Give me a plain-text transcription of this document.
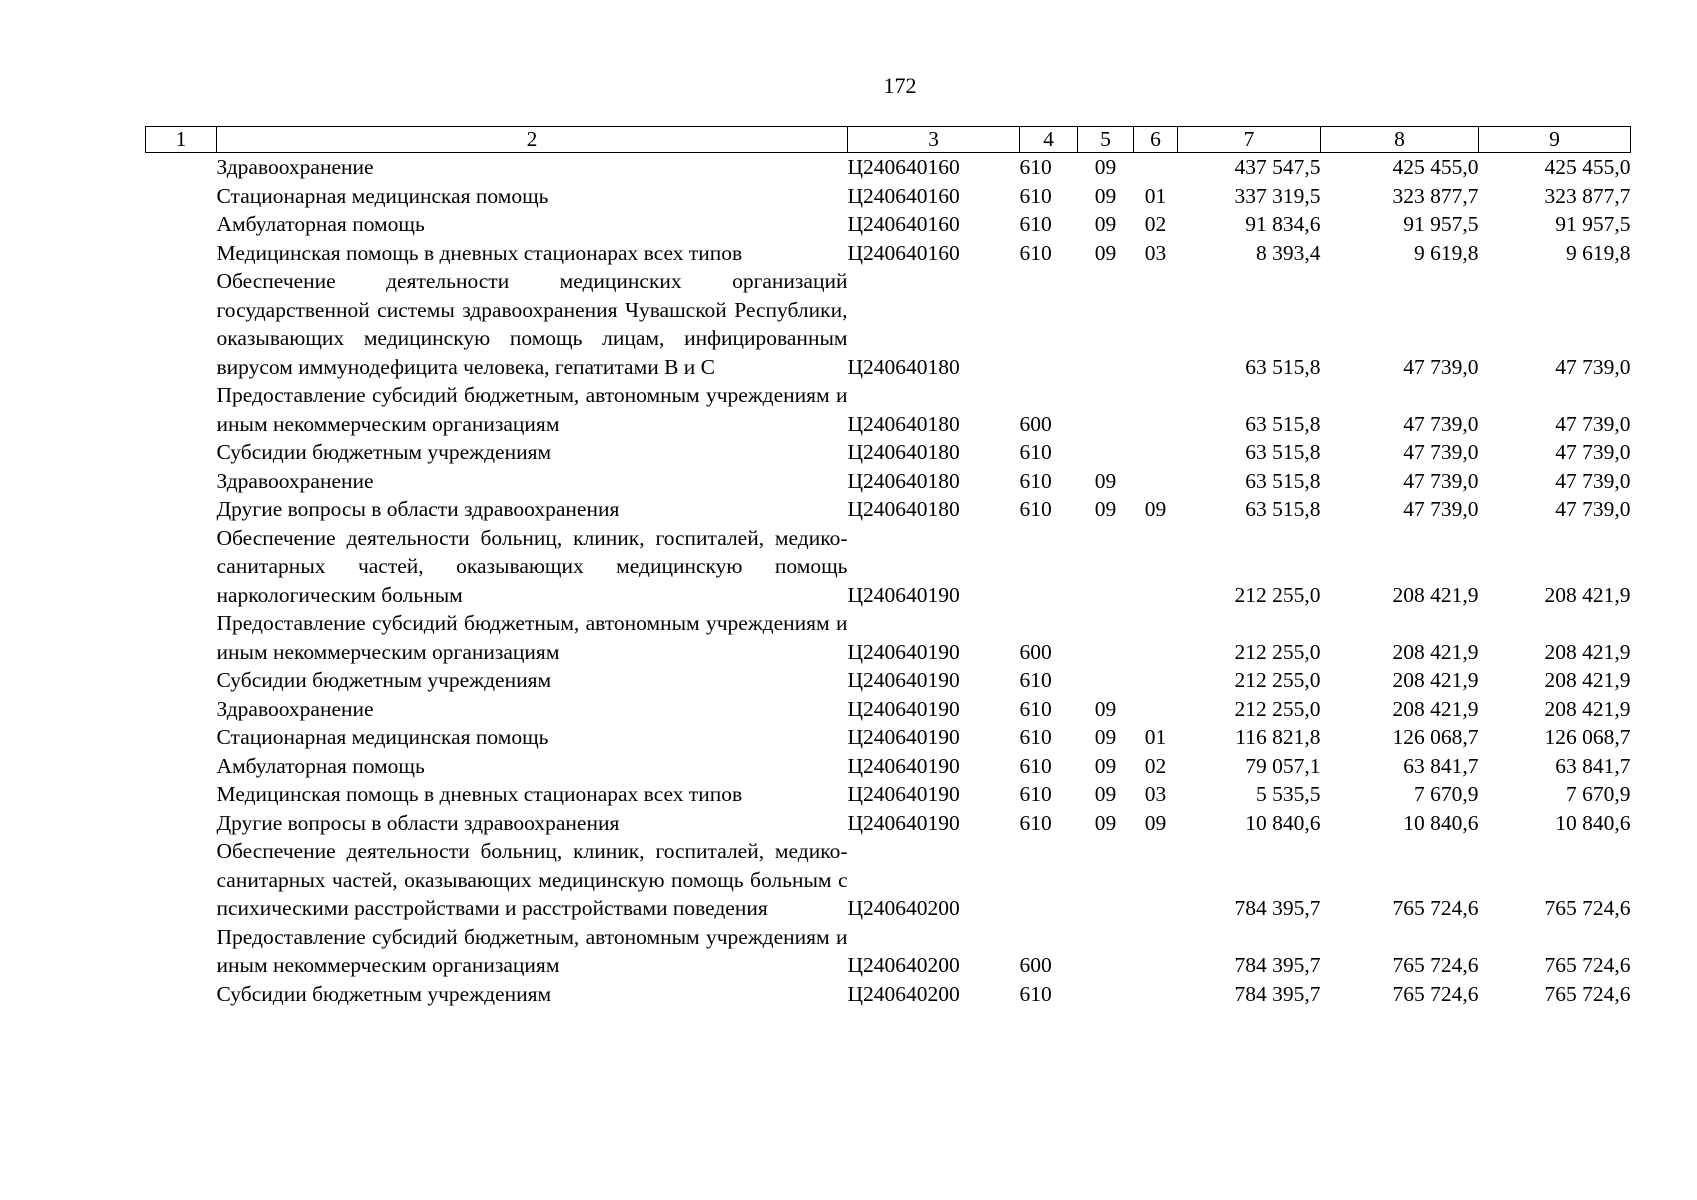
172
1	2	3	4	5	6	7	8	9
	Здравоохранение	Ц240640160	610	09		437 547,5	425 455,0	425 455,0
	Стационарная медицинская помощь	Ц240640160	610	09	01	337 319,5	323 877,7	323 877,7
	Амбулаторная помощь	Ц240640160	610	09	02	91 834,6	91 957,5	91 957,5
	Медицинская помощь в дневных стационарах всех типов	Ц240640160	610	09	03	8 393,4	9 619,8	9 619,8
	Обеспечение деятельности медицинских организаций государственной системы здравоохранения Чувашской Республики, оказывающих медицинскую помощь лицам, инфицированным вирусом иммунодефицита человека, гепатитами В и С	Ц240640180				63 515,8	47 739,0	47 739,0
	Предоставление субсидий бюджетным, автономным учреждениям и иным некоммерческим организациям	Ц240640180	600			63 515,8	47 739,0	47 739,0
	Субсидии бюджетным учреждениям	Ц240640180	610			63 515,8	47 739,0	47 739,0
	Здравоохранение	Ц240640180	610	09		63 515,8	47 739,0	47 739,0
	Другие вопросы в области здравоохранения	Ц240640180	610	09	09	63 515,8	47 739,0	47 739,0
	Обеспечение деятельности больниц, клиник, госпиталей, медико-санитарных частей, оказывающих медицинскую помощь наркологическим больным	Ц240640190				212 255,0	208 421,9	208 421,9
	Предоставление субсидий бюджетным, автономным учреждениям и иным некоммерческим организациям	Ц240640190	600			212 255,0	208 421,9	208 421,9
	Субсидии бюджетным учреждениям	Ц240640190	610			212 255,0	208 421,9	208 421,9
	Здравоохранение	Ц240640190	610	09		212 255,0	208 421,9	208 421,9
	Стационарная медицинская помощь	Ц240640190	610	09	01	116 821,8	126 068,7	126 068,7
	Амбулаторная помощь	Ц240640190	610	09	02	79 057,1	63 841,7	63 841,7
	Медицинская помощь в дневных стационарах всех типов	Ц240640190	610	09	03	5 535,5	7 670,9	7 670,9
	Другие вопросы в области здравоохранения	Ц240640190	610	09	09	10 840,6	10 840,6	10 840,6
	Обеспечение деятельности больниц, клиник, госпиталей, медико-санитарных частей, оказывающих медицинскую помощь больным с психическими расстройствами и расстройствами поведения	Ц240640200				784 395,7	765 724,6	765 724,6
	Предоставление субсидий бюджетным, автономным учреждениям и иным некоммерческим организациям	Ц240640200	600			784 395,7	765 724,6	765 724,6
	Субсидии бюджетным учреждениям	Ц240640200	610			784 395,7	765 724,6	765 724,6
